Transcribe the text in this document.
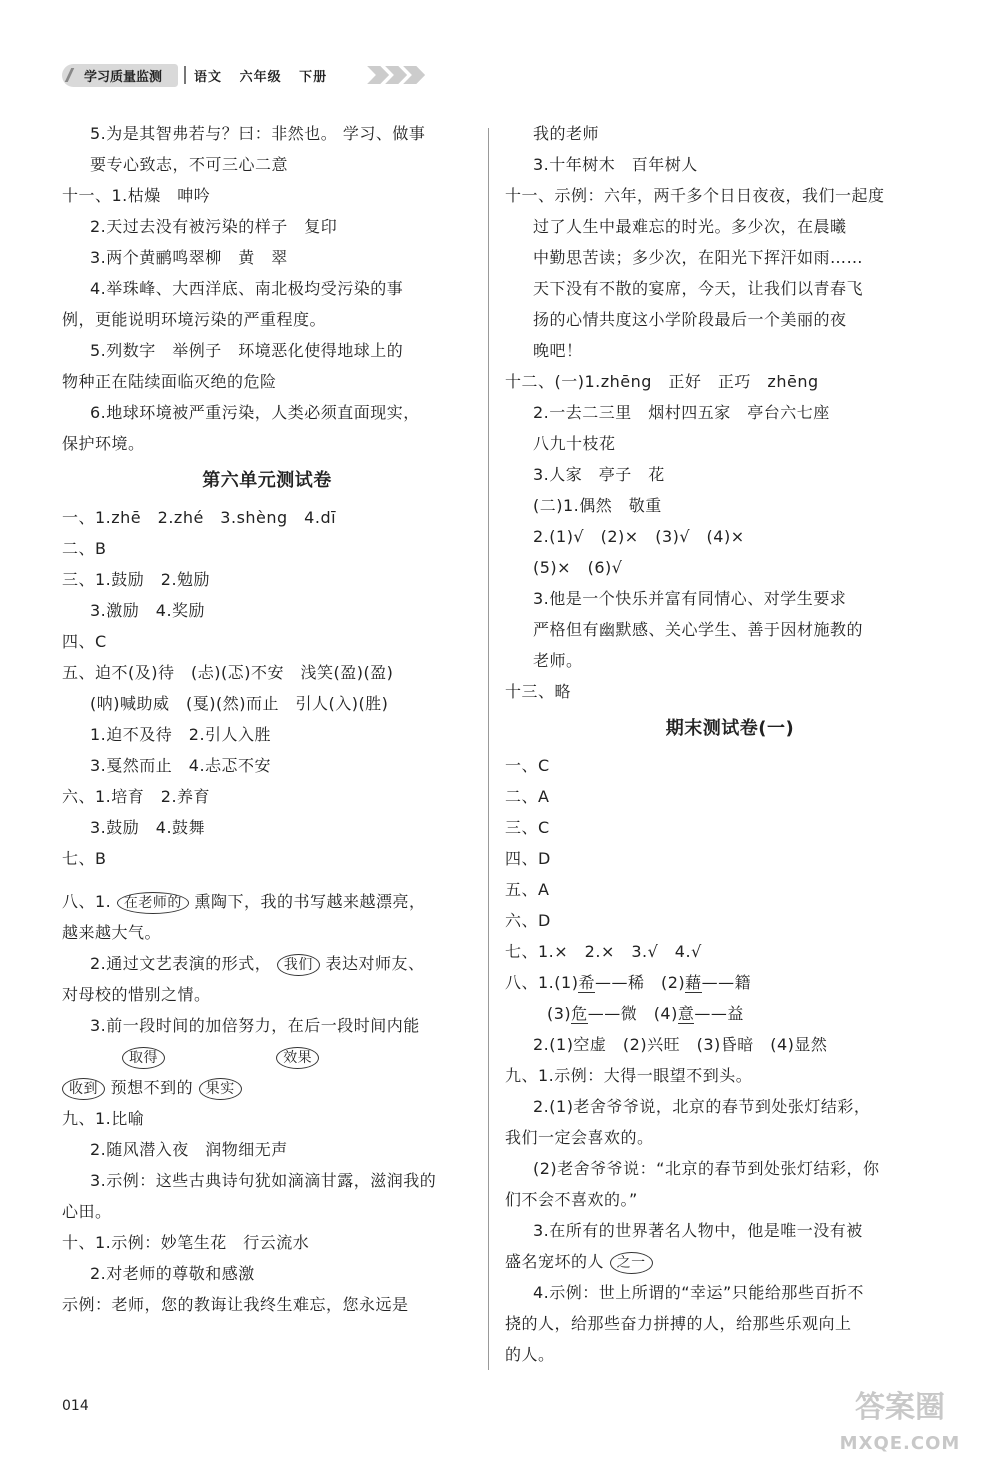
学习质量监测	语文 六年级 下册
5.为是其智弗若与？曰：非然也。 学习、做事
要专心致志，不可三心二意
十一、1.枯燥　呻吟
2.天过去没有被污染的样子　复印
3.两个黄鹂鸣翠柳　黄　翠
4.举珠峰、大西洋底、南北极均受污染的事
例，更能说明环境污染的严重程度。
5.列数字　举例子　环境恶化使得地球上的
物种正在陆续面临灭绝的危险
6.地球环境被严重污染，人类必须直面现实，
保护环境。
第六单元测试卷
一、1.zhē　2.zhé　3.shèng　4.dī
二、B
三、1.鼓励　2.勉励
3.激励　4.奖励
四、C
五、迫不(及)待　(忐)(忑)不安　浅笑(盈)(盈)
(呐)喊助威　(戛)(然)而止　引人(入)(胜)
1.迫不及待　2.引人入胜
3.戛然而止　4.忐忑不安
六、1.培育　2.养育
3.鼓励　4.鼓舞
七、B
八、1. 在老师的 熏陶下，我的书写越来越漂亮，
越来越大气。
2.通过文艺表演的形式， 我们 表达对师友、
对母校的惜别之情。
3.前一段时间的加倍努力，在后一段时间内能
取得	效果
收到 预想不到的 果实
九、1.比喻
2.随风潜入夜　润物细无声
3.示例：这些古典诗句犹如滴滴甘露，滋润我的
心田。
十、1.示例：妙笔生花　行云流水
2.对老师的尊敬和感激
示例：老师，您的教诲让我终生难忘，您永远是
我的老师
3.十年树木　百年树人
十一、示例：六年，两千多个日日夜夜，我们一起度
过了人生中最难忘的时光。多少次，在晨曦
中勤思苦读；多少次，在阳光下挥汗如雨……
天下没有不散的宴席，今天，让我们以青春飞
扬的心情共度这小学阶段最后一个美丽的夜
晚吧！
十二、(一)1.zhēng　正好　正巧　zhēng
2.一去二三里　烟村四五家　亭台六七座
八九十枝花
3.人家　亭子　花
(二)1.偶然　敬重
2.(1)√　(2)×　(3)√　(4)×
(5)×　(6)√
3.他是一个快乐并富有同情心、对学生要求
严格但有幽默感、关心学生、善于因材施教的
老师。
十三、略
期末测试卷(一)
一、C
二、A
三、C
四、D
五、A
六、D
七、1.×　2.×　3.√　4.√
八、1.(1)希——稀　(2)藉——籍
(3)危——微　(4)意——益
2.(1)空虚　(2)兴旺　(3)昏暗　(4)显然
九、1.示例：大得一眼望不到头。
2.(1)老舍爷爷说，北京的春节到处张灯结彩，
我们一定会喜欢的。
(2)老舍爷爷说：“北京的春节到处张灯结彩，你
们不会不喜欢的。”
3.在所有的世界著名人物中，他是唯一没有被
盛名宠坏的人 之一
4.示例：世上所谓的“幸运”只能给那些百折不
挠的人，给那些奋力拼搏的人，给那些乐观向上
的人。
014	答案圈
MXQE.COM
